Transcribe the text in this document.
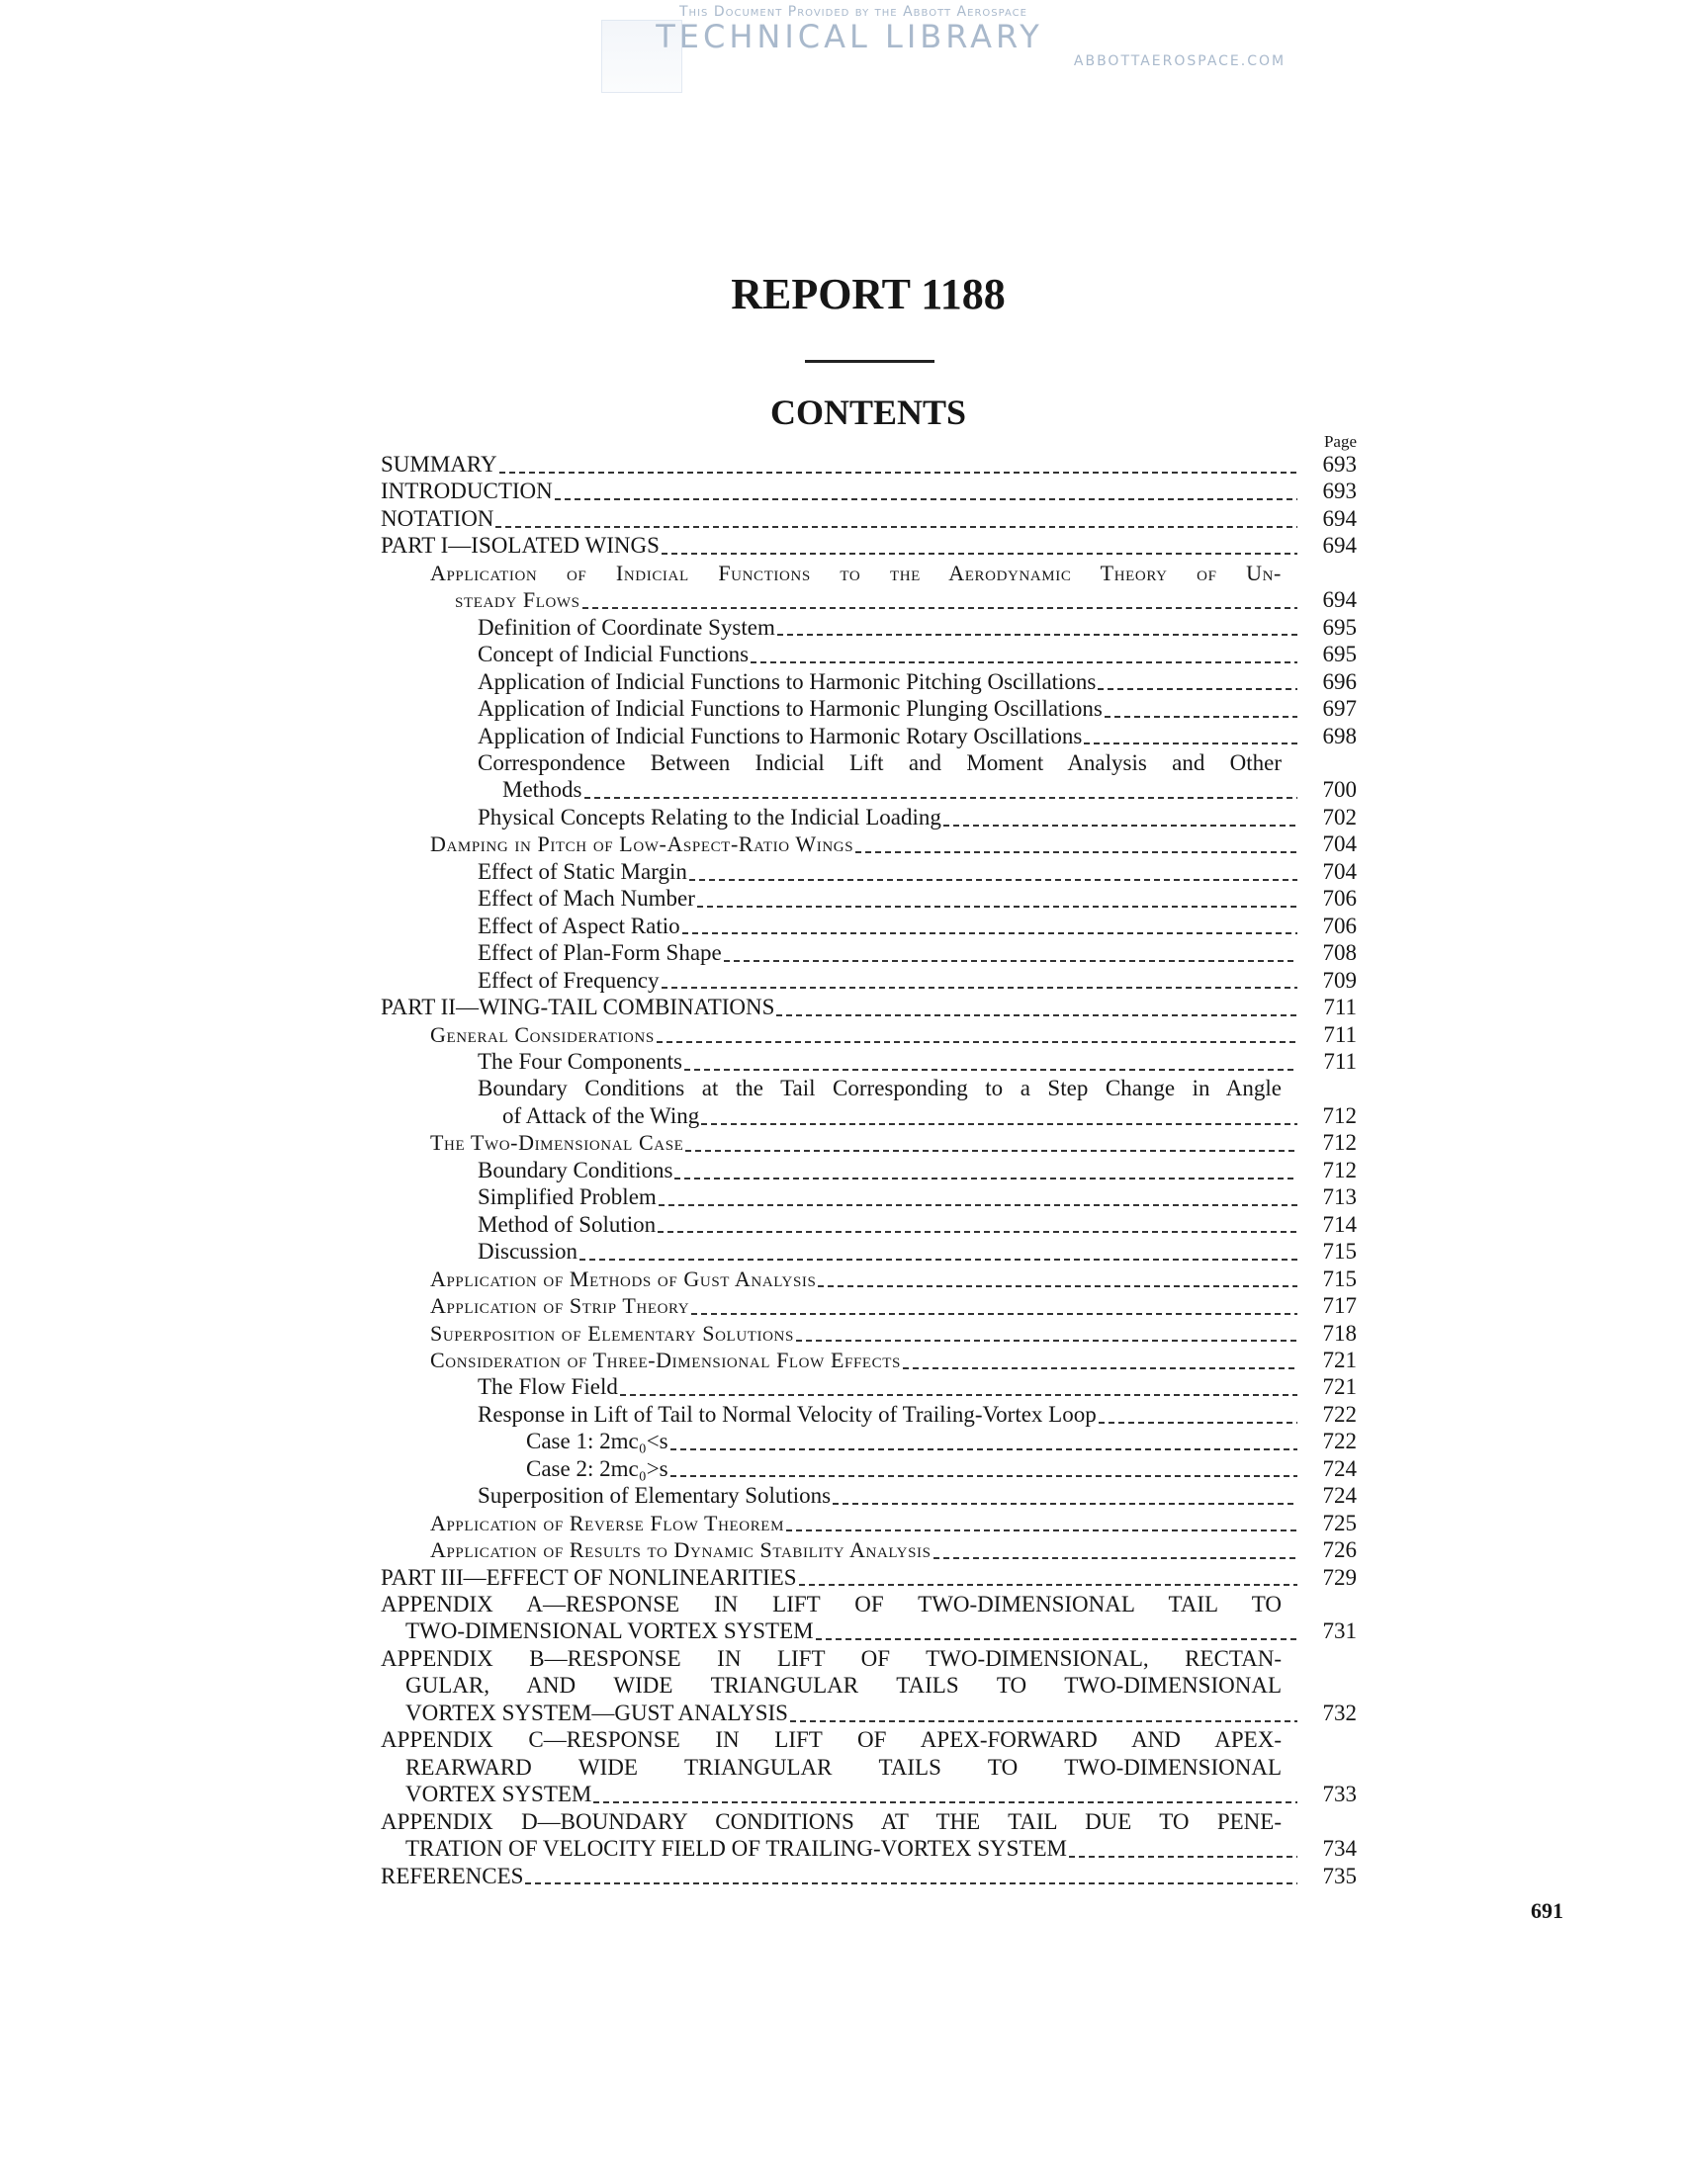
This Document Provided by the Abbott Aerospace
TECHNICAL LIBRARY
ABBOTTAEROSPACE.COM
REPORT 1188
CONTENTS
Page
SUMMARY	693
INTRODUCTION	693
NOTATION	694
PART I—ISOLATED WINGS	694
Application of Indicial Functions to the Aerodynamic Theory of Un-
steady Flows	694
Definition of Coordinate System	695
Concept of Indicial Functions	695
Application of Indicial Functions to Harmonic Pitching Oscillations	696
Application of Indicial Functions to Harmonic Plunging Oscillations	697
Application of Indicial Functions to Harmonic Rotary Oscillations	698
Correspondence Between Indicial Lift and Moment Analysis and Other
Methods	700
Physical Concepts Relating to the Indicial Loading	702
Damping in Pitch of Low-Aspect-Ratio Wings	704
Effect of Static Margin	704
Effect of Mach Number	706
Effect of Aspect Ratio	706
Effect of Plan-Form Shape	708
Effect of Frequency	709
PART II—WING-TAIL COMBINATIONS	711
General Considerations	711
The Four Components	711
Boundary Conditions at the Tail Corresponding to a Step Change in Angle
of Attack of the Wing	712
The Two-Dimensional Case	712
Boundary Conditions	712
Simplified Problem	713
Method of Solution	714
Discussion	715
Application of Methods of Gust Analysis	715
Application of Strip Theory	717
Superposition of Elementary Solutions	718
Consideration of Three-Dimensional Flow Effects	721
The Flow Field	721
Response in Lift of Tail to Normal Velocity of Trailing-Vortex Loop	722
Case 1: 2mc₀<s	722
Case 2: 2mc₀>s	724
Superposition of Elementary Solutions	724
Application of Reverse Flow Theorem	725
Application of Results to Dynamic Stability Analysis	726
PART III—EFFECT OF NONLINEARITIES	729
APPENDIX A—RESPONSE IN LIFT OF TWO-DIMENSIONAL TAIL TO
TWO-DIMENSIONAL VORTEX SYSTEM	731
APPENDIX B—RESPONSE IN LIFT OF TWO-DIMENSIONAL, RECTAN-
GULAR, AND WIDE TRIANGULAR TAILS TO TWO-DIMENSIONAL
VORTEX SYSTEM—GUST ANALYSIS	732
APPENDIX C—RESPONSE IN LIFT OF APEX-FORWARD AND APEX-
REARWARD WIDE TRIANGULAR TAILS TO TWO-DIMENSIONAL
VORTEX SYSTEM	733
APPENDIX D—BOUNDARY CONDITIONS AT THE TAIL DUE TO PENE-
TRATION OF VELOCITY FIELD OF TRAILING-VORTEX SYSTEM	734
REFERENCES	735
691
